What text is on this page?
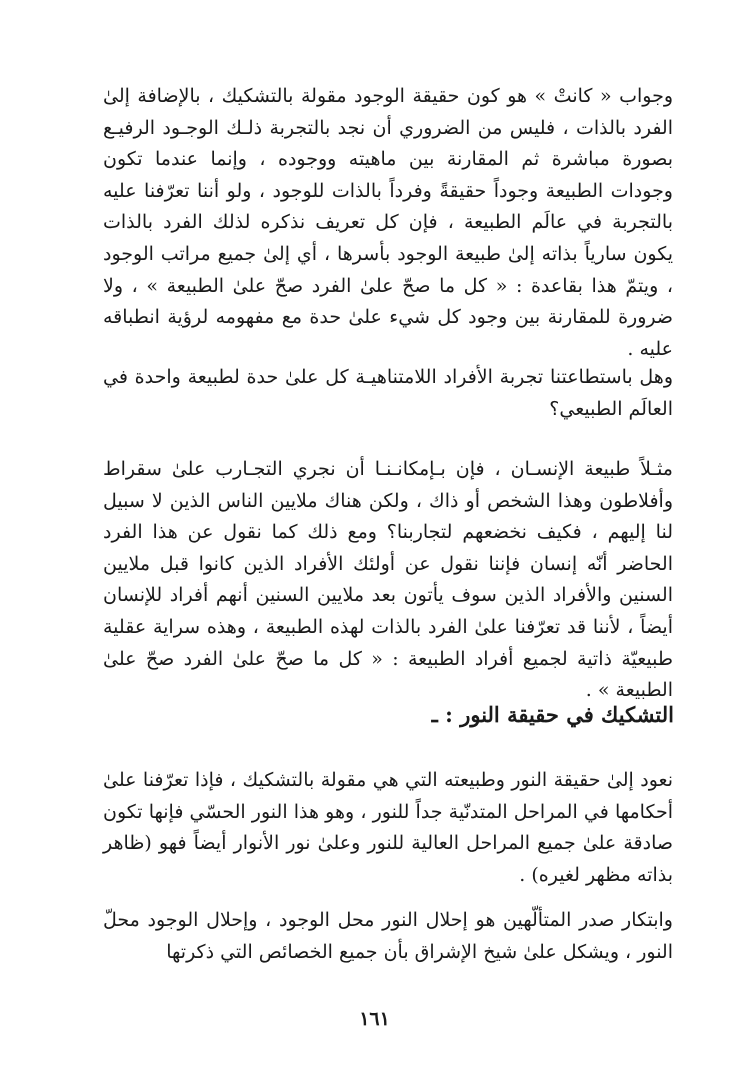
وجواب « كانتْ » هو كون حقيقة الوجود مقولة بالتشكيك ، بالإضافة إلىٰ الفرد بالذات ، فليس من الضروري أن نجد بالتجربة ذلـك الوجـود الرفيـع بصورة مباشرة ثم المقارنة بين ماهيته ووجوده ، وإنما عندما تكون وجودات الطبيعة وجوداً حقيقةً وفرداً بالذات للوجود ، ولو أننا تعرّفنا عليه بالتجربة في عالَم الطبيعة ، فإن كل تعريف نذكره لذلك الفرد بالذات يكون سارياً بذاته إلىٰ طبيعة الوجود بأسرها ، أي إلىٰ جميع مراتب الوجود ، ويتمّ هذا بقاعدة : « كل ما صحّ علىٰ الفرد صحّ علىٰ الطبيعة » ، ولا ضرورة للمقارنة بين وجود كل شيء علىٰ حدة مع مفهومه لرؤية انطباقه عليه .

وهل باستطاعتنا تجربة الأفراد اللامتناهيـة كل علىٰ حدة لطبيعة واحدة في العالَم الطبيعي؟

مثـلاً طبيعة الإنسـان ، فإن بـإمكانـنـا أن نجري التجـارب علىٰ سقراط وأفلاطون وهذا الشخص أو ذاك ، ولكن هناك ملايين الناس الذين لا سبيل لنا إليهم ، فكيف نخضعهم لتجاربنا؟ ومع ذلك كما نقول عن هذا الفرد الحاضر أنّه إنسان فإننا نقول عن أولئك الأفراد الذين كانوا قبل ملايين السنين والأفراد الذين سوف يأتون بعد ملايين السنين أنهم أفراد للإنسان أيضاً ، لأننا قد تعرّفنا علىٰ الفرد بالذات لهذه الطبيعة ، وهذه سراية عقلية طبيعيّة ذاتية لجميع أفراد الطبيعة : « كل ما صحّ علىٰ الفرد صحّ علىٰ الطبيعة » .

التشكيك في حقيقة النور : ـ

نعود إلىٰ حقيقة النور وطبيعته التي هي مقولة بالتشكيك ، فإذا تعرّفنا علىٰ أحكامها في المراحل المتدنّية جداً للنور ، وهو هذا النور الحسّي فإنها تكون صادقة علىٰ جميع المراحل العالية للنور وعلىٰ نور الأنوار أيضاً فهو (ظاهر بذاته مظهر لغيره) .

وابتكار صدر المتألّهين هو إحلال النور محل الوجود ، وإحلال الوجود محلّ النور ، ويشكل علىٰ شيخ الإشراق بأن جميع الخصائص التي ذكرتها

١٦١
